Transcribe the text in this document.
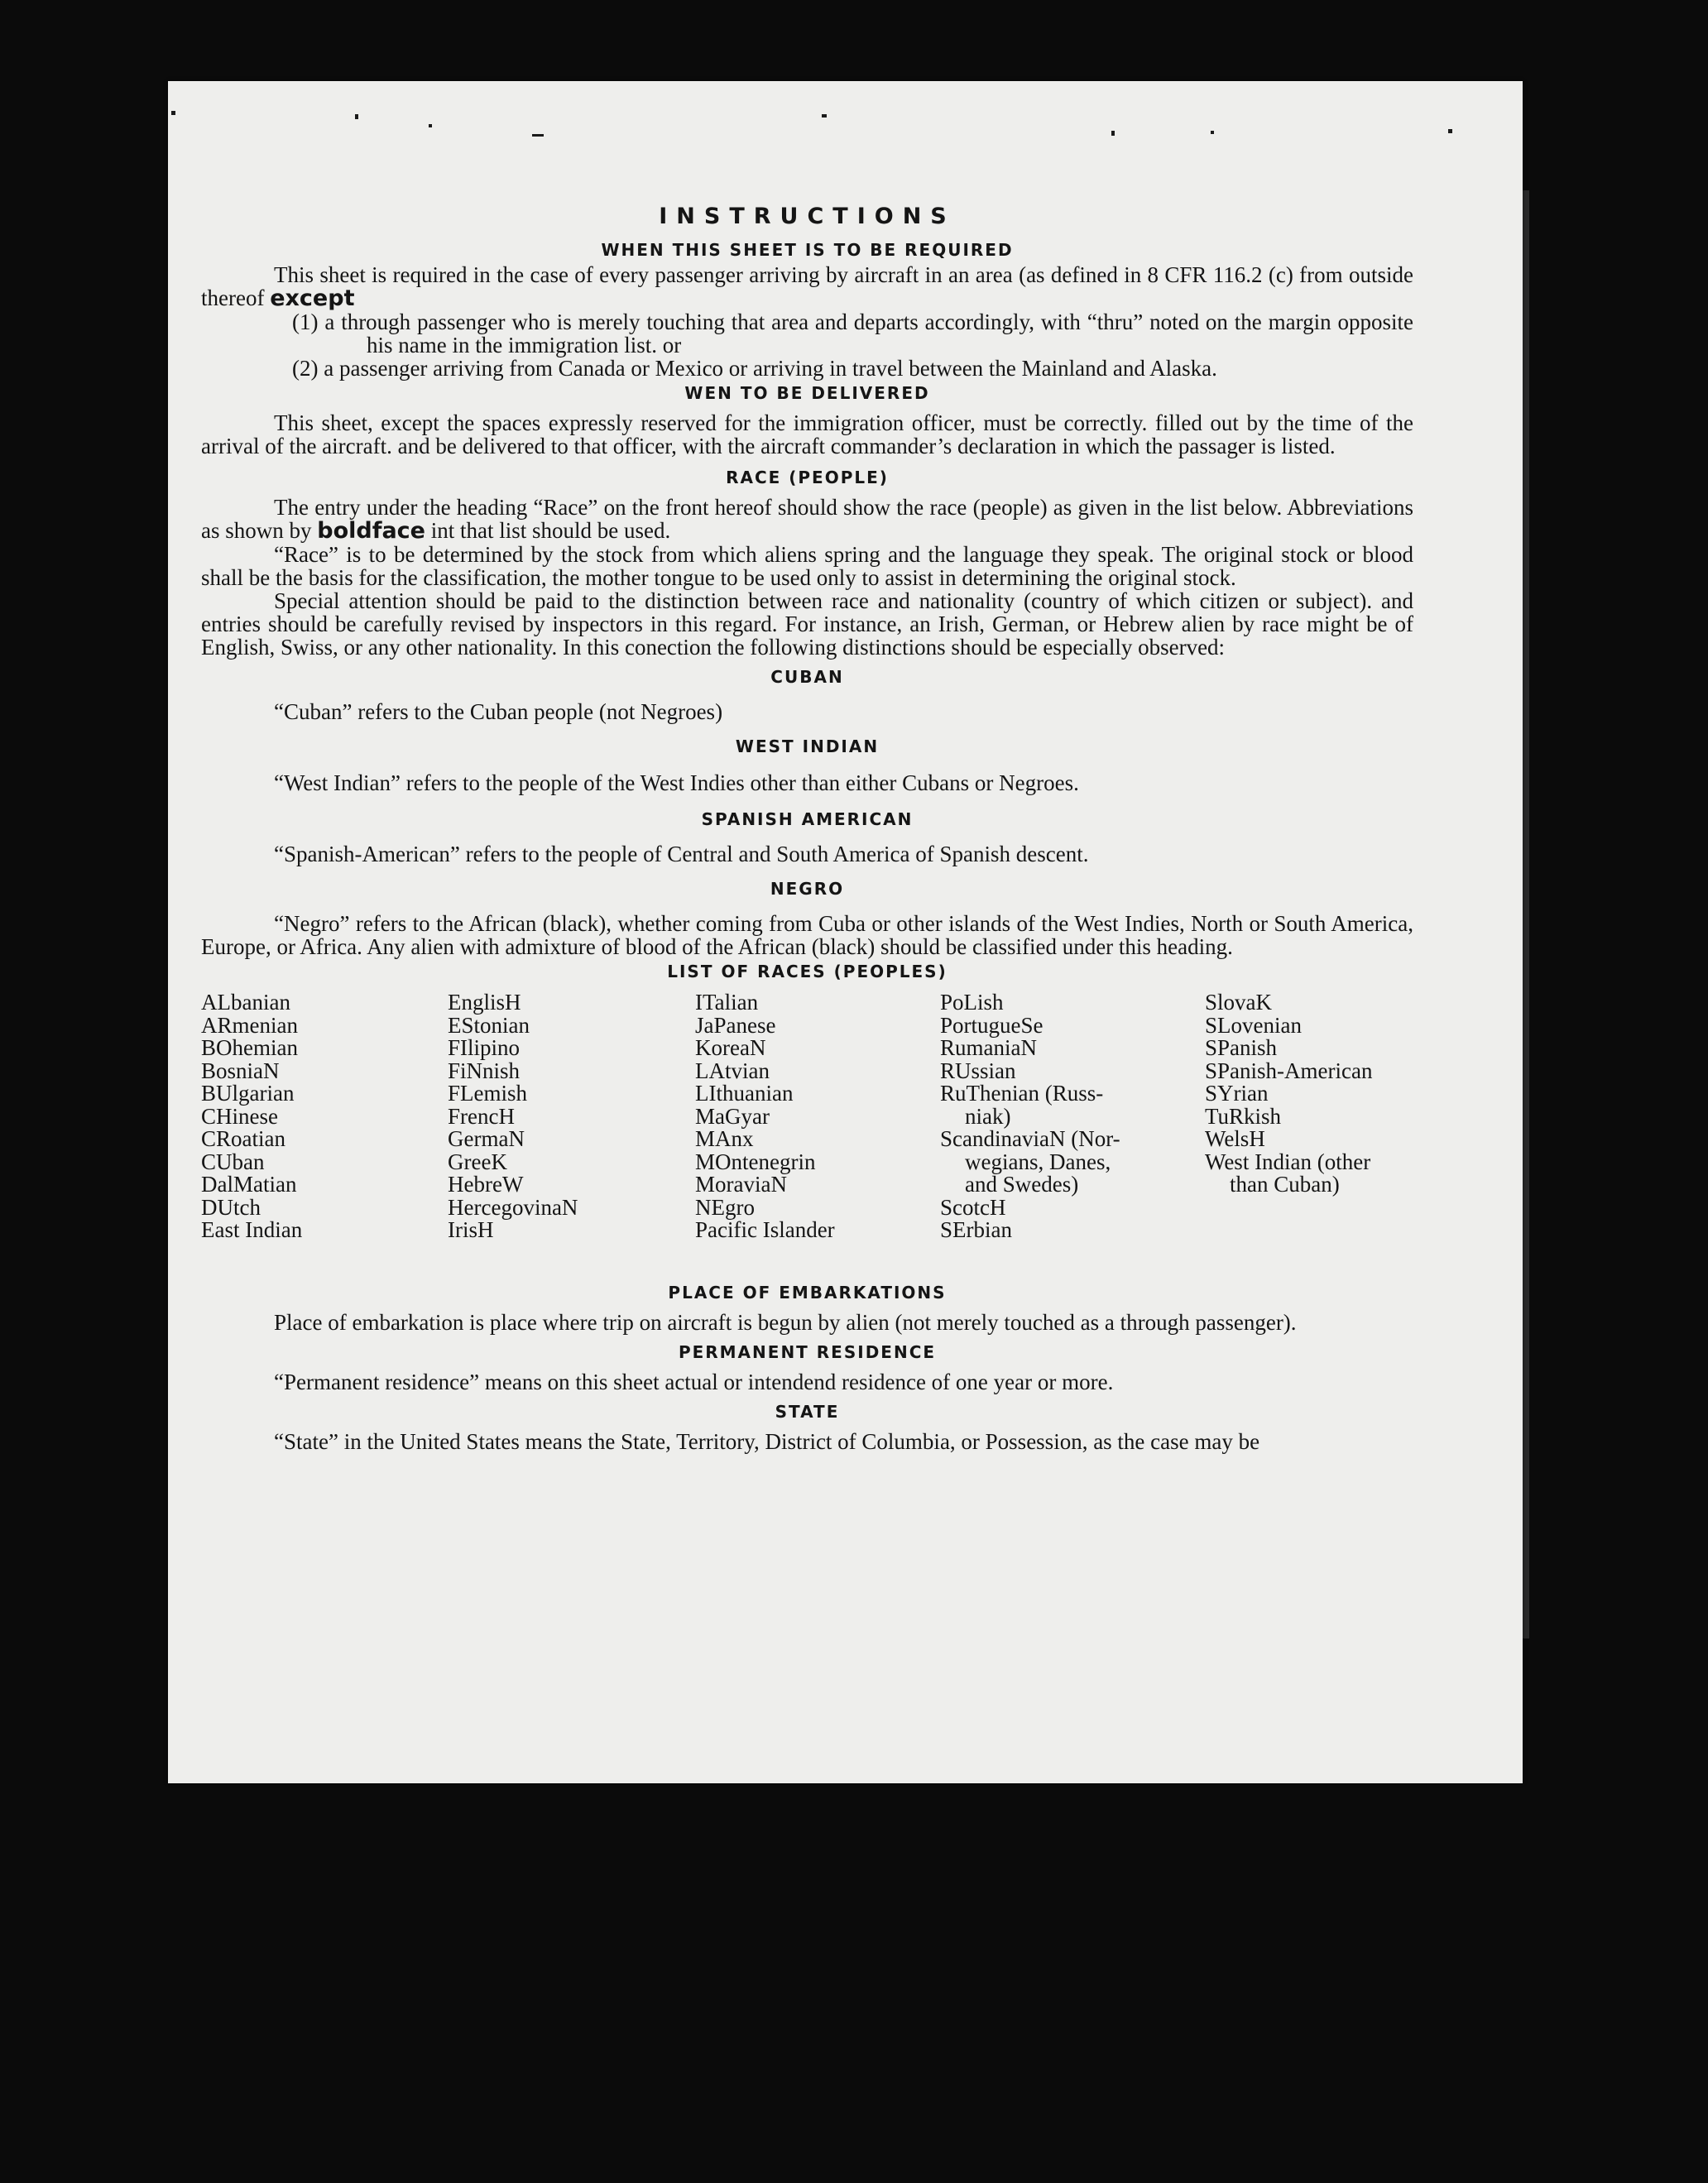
INSTRUCTIONS
WHEN THIS SHEET IS TO BE REQUIRED

This sheet is required in the case of every passenger arriving by aircraft in an area (as defined in 8 CFR 116.2 (c) from outside thereof except

(1) a through passenger who is merely touching that area and departs accordingly, with “thru” noted on the margin opposite his name in the immigration list. or

(2) a passenger arriving from Canada or Mexico or arriving in travel between the Mainland and Alaska.

WEN TO BE DELIVERED

This sheet, except the spaces expressly reserved for the immigration officer, must be correctly. filled out by the time of the arrival of the aircraft. and be delivered to that officer, with the aircraft commander’s declaration in which the passager is listed.

RACE (PEOPLE)

The entry under the heading “Race” on the front hereof should show the race (people) as given in the list below. Abbreviations as shown by boldface int that list should be used.

“Race” is to be determined by the stock from which aliens spring and the language they speak. The original stock or blood shall be the basis for the classification, the mother tongue to be used only to assist in determining the original stock.

Special attention should be paid to the distinction between race and nationality (country of which citizen or subject). and entries should be carefully revised by inspectors in this regard. For instance, an Irish, German, or Hebrew alien by race might be of English, Swiss, or any other nationality. In this conection the following distinctions should be especially observed:

CUBAN

“Cuban” refers to the Cuban people (not Negroes)

WEST INDIAN

“West Indian” refers to the people of the West Indies other than either Cubans or Negroes.

SPANISH AMERICAN

“Spanish-American” refers to the people of Central and South America of Spanish descent.

NEGRO

“Negro” refers to the African (black), whether coming from Cuba or other islands of the West Indies, North or South America, Europe, or Africa. Any alien with admixture of blood of the African (black) should be classified under this heading.

LIST OF RACES (PEOPLES)
ALbanian
ARmenian
BOhemian
BosniaN
BUlgarian
CHinese
CRoatian
CUban
DalMatian
DUtch
East Indian
EnglisH
EStonian
FIlipino
FiNnish
FLemish
FrencH
GermaN
GreeK
HebreW
HercegovinaN
IrisH
ITalian
JaPanese
KoreaN
LAtvian
LIthuanian
MaGyar
MAnx
MOntenegrin
MoraviaN
NEgro
Pacific Islander
PoLish
PortugueSe
RumaniaN
RUssian
RuThenian (Russ-
niak)
ScandinaviaN (Nor-
wegians, Danes,
and Swedes)
ScotcH
SErbian
SlovaK
SLovenian
SPanish
SPanish-American
SYrian
TuRkish
WelsH
West Indian (other
than Cuban)
PLACE OF EMBARKATIONS

Place of embarkation is place where trip on aircraft is begun by alien (not merely touched as a through passenger).

PERMANENT RESIDENCE

“Permanent residence” means on this sheet actual or intendend residence of one year or more.

STATE

“State” in the United States means the State, Territory, District of Columbia, or Possession, as the case may be
